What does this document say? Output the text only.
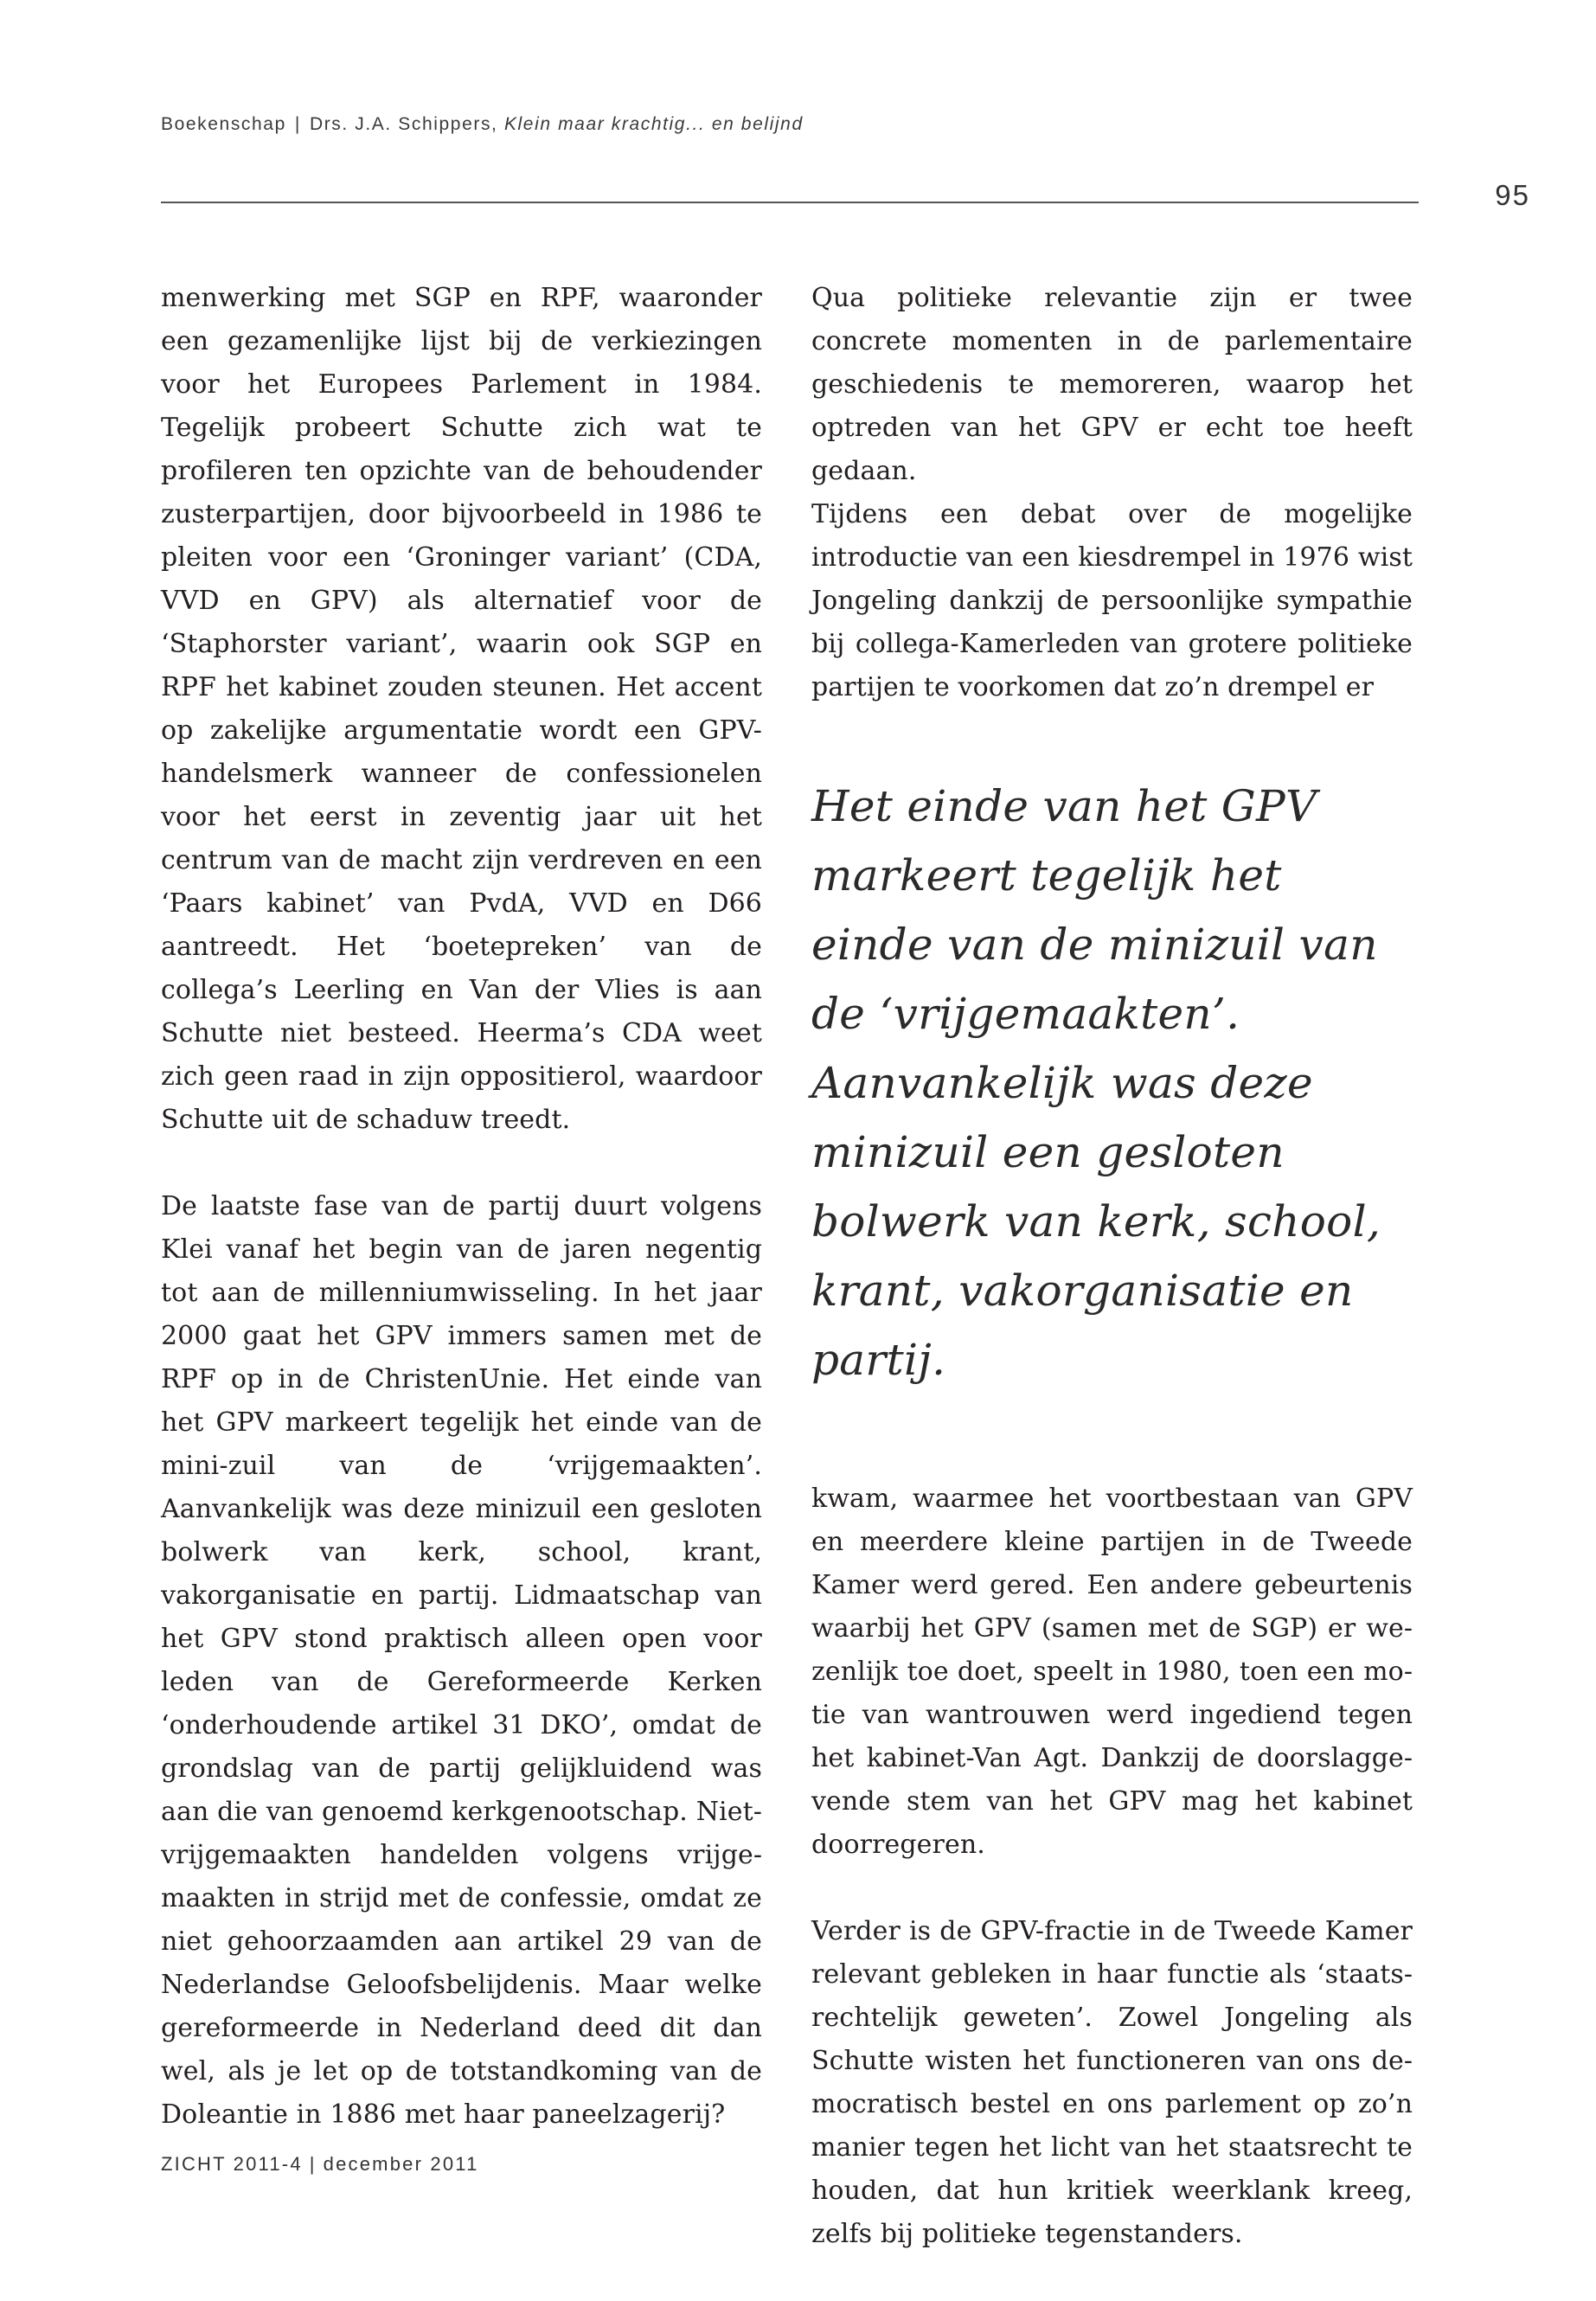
Boekenschap | Drs. J.A. Schippers, Klein maar krachtig... en belijnd
95

menwerking met SGP en RPF, waaronder een gezamenlijke lijst bij de verkiezingen voor het Europees Parlement in 1984. Tegelijk probeert Schutte zich wat te profileren ten opzichte van de behoudender zusterpartijen, door bijvoorbeeld in 1986 te pleiten voor een ‘Groninger variant’ (CDA, VVD en GPV) als alternatief voor de ‘Staphorster variant’, waarin ook SGP en RPF het kabinet zouden steunen. Het accent op zakelijke argumentatie wordt een GPV-handelsmerk wanneer de confessionelen voor het eerst in zeventig jaar uit het centrum van de macht zijn verdreven en een ‘Paars kabinet’ van PvdA, VVD en D66 aantreedt. Het ‘boetepreken’ van de collega’s Leerling en Van der Vlies is aan Schutte niet besteed. Heerma’s CDA weet zich geen raad in zijn oppositierol, waardoor Schutte uit de schaduw treedt.

De laatste fase van de partij duurt volgens Klei vanaf het begin van de jaren negentig tot aan de millenniumwisseling. In het jaar 2000 gaat het GPV immers samen met de RPF op in de ChristenUnie. Het einde van het GPV markeert tegelijk het einde van de mini-zuil van de ‘vrijgemaakten’. Aanvankelijk was deze minizuil een gesloten bolwerk van kerk, school, krant, vakorganisatie en partij. Lidmaatschap van het GPV stond praktisch alleen open voor leden van de Gereformeerde Kerken ‘onderhoudende artikel 31 DKO’, omdat de grondslag van de partij gelijkluidend was aan die van genoemd kerkgenootschap. Niet-vrijgemaakten handelden volgens vrijgemaakten in strijd met de confessie, omdat ze niet gehoorzaamden aan artikel 29 van de Nederlandse Geloofsbelijdenis. Maar welke gereformeerde in Nederland deed dit dan wel, als je let op de totstandkoming van de Doleantie in 1886 met haar paneelzagerij?

Qua politieke relevantie zijn er twee concrete momenten in de parlementaire geschiedenis te memoreren, waarop het optreden van het GPV er echt toe heeft gedaan.

Tijdens een debat over de mogelijke introductie van een kiesdrempel in 1976 wist Jongeling dankzij de persoonlijke sympathie bij collega-Kamerleden van grotere politieke partijen te voorkomen dat zo’n drempel er

Het einde van het GPV markeert tegelijk het einde van de minizuil van de ‘vrijgemaakten’. Aanvankelijk was deze minizuil een gesloten bolwerk van kerk, school, krant, vakorganisatie en partij.

kwam, waarmee het voortbestaan van GPV en meerdere kleine partijen in de Tweede Kamer werd gered. Een andere gebeurtenis waarbij het GPV (samen met de SGP) er wezenlijk toe doet, speelt in 1980, toen een motie van wantrouwen werd ingediend tegen het kabinet-Van Agt. Dankzij de doorslaggevende stem van het GPV mag het kabinet doorregeren.

Verder is de GPV-fractie in de Tweede Kamer relevant gebleken in haar functie als ‘staatsrechtelijk geweten’. Zowel Jongeling als Schutte wisten het functioneren van ons democratisch bestel en ons parlement op zo’n manier tegen het licht van het staatsrecht te houden, dat hun kritiek weerklank kreeg, zelfs bij politieke tegenstanders.

ZICHT 2011-4 | december 2011
